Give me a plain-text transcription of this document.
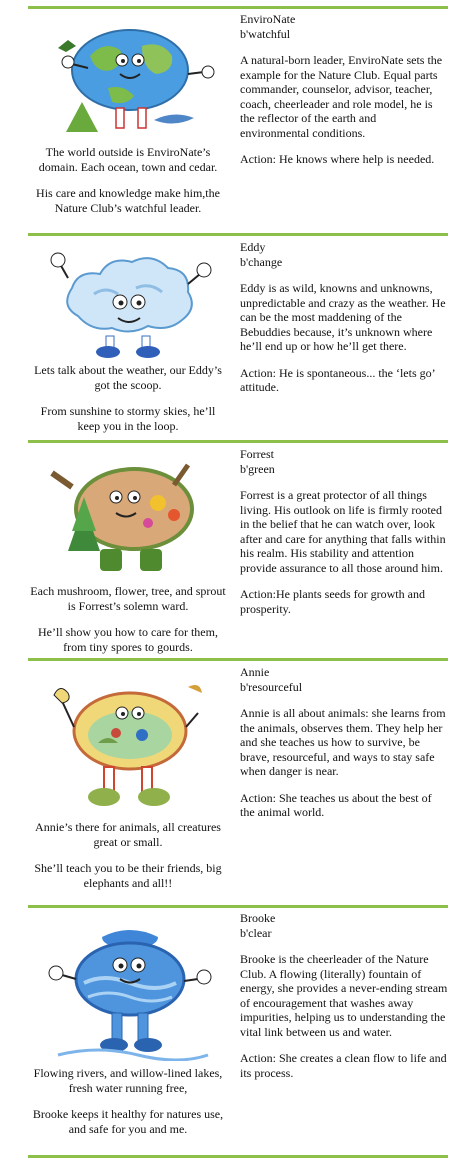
The world outside is EnviroNate’s domain. Each ocean, town and cedar.

His care and knowledge make him,the Nature Club’s watchful leader.

EnviroNate
b'watchful

A natural-born leader, EnviroNate sets the example for the Nature Club. Equal parts commander, counselor, advisor, teacher, coach, cheerleader and role model, he is the reflector of the earth and environmental conditions.

Action: He knows where help is needed.

Lets talk about the weather, our Eddy’s got the scoop.

From sunshine to stormy skies, he’ll keep you in the loop.

Eddy
b'change

Eddy is as wild, knowns and unknowns, unpredictable and crazy as the weather. He can be the most maddening of the Bebuddies because, it’s unknown where he’ll end up or how he’ll get there.

Action: He is spontaneous... the ‘lets go’ attitude.

Each mushroom, flower, tree, and sprout is Forrest’s solemn ward.

He’ll show you how to care for them, from tiny spores to gourds.

Forrest
b'green

Forrest is a great protector of all things living. His outlook on life is firmly rooted in the belief that he can watch over, look after and care for anything that falls within his realm. His stability and attention provide assurance to all those around him.

Action:He plants seeds for growth and prosperity.

Annie’s there for animals, all creatures great or small.

She’ll teach you to be their friends, big elephants and all!!

Annie
b'resourceful

Annie is all about animals: she learns from the animals, observes them. They help her and she teaches us how to survive, be brave, resourceful, and ways to stay safe when danger is near.

Action: She teaches us about the best of the animal world.

Flowing rivers, and willow-lined lakes, fresh water running free,

Brooke keeps it healthy for natures use, and safe for you and me.

Brooke
b'clear

Brooke is the cheerleader of the Nature Club. A flowing (literally) fountain of energy, she provides a never-ending stream of encouragement that washes away impurities, helping us to understanding the vital link between us and water.

Action: She creates a clean flow to life and its process.
